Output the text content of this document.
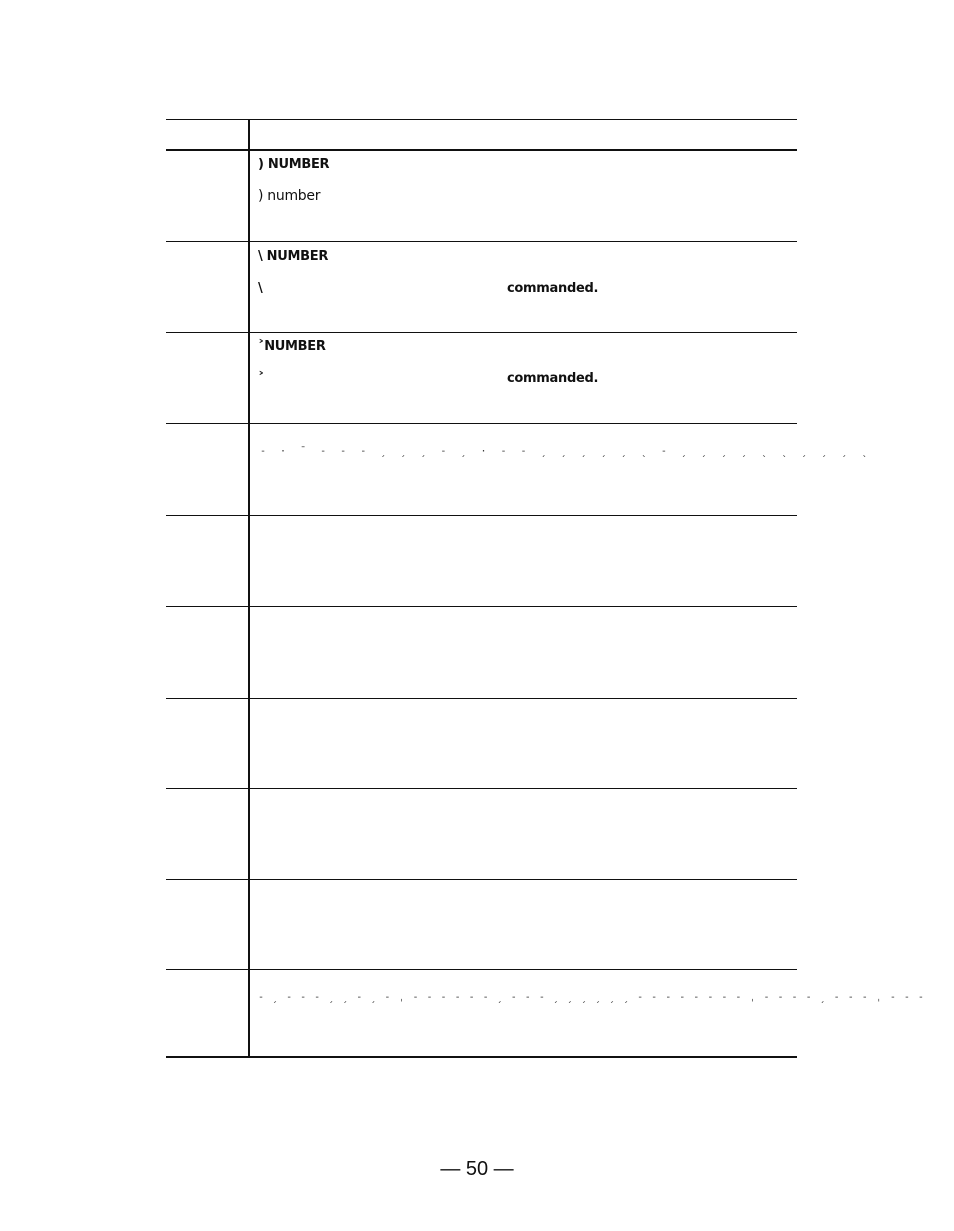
) NUMBER
) number
\ NUMBER
\	commanded.
˃NUMBER
˃	commanded.
- · ˉ - - - ˏ ˏ ˏ - ˏ · - - ˏ ˏ ˏ ˏ ˏ ˎ - ˏ ˏ ˏ ˏ ˎ ˎ ˏ ˏ ˏ ˎ
- ˏ - - - ˏ ˏ - ˏ - ˌ - - - - - - ˏ - - - ˏ ˏ ˏ ˏ ˏ ˏ - - - - - - - - ˌ - - - - ˏ - - - ˌ - - -
— 50 —
